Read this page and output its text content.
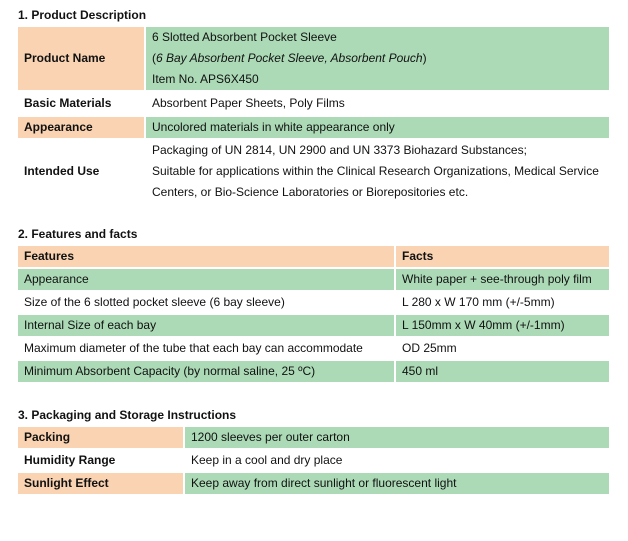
1. Product Description
Product Name	6 Slotted Absorbent Pocket Sleeve
(6 Bay Absorbent Pocket Sleeve, Absorbent Pouch)
Item No. APS6X450

Basic Materials	Absorbent Paper Sheets, Poly Films
Appearance	Uncolored materials in white appearance only
Intended Use	Packaging of UN 2814, UN 2900 and UN 3373 Biohazard Substances;
Suitable for applications within the Clinical Research Organizations, Medical Service
Centers, or Bio-Science Laboratories or Biorepositories etc.
2. Features and facts
Features	Facts
Appearance	White paper + see-through poly film
Size of the 6 slotted pocket sleeve (6 bay sleeve)	L 280 x W 170 mm (+/-5mm)
Internal Size of each bay	L 150mm x W 40mm (+/-1mm)
Maximum diameter of the tube that each bay can accommodate	OD 25mm
Minimum Absorbent Capacity (by normal saline, 25 ºC)	450 ml
3. Packaging and Storage Instructions
Packing	1200 sleeves per outer carton
Humidity Range	Keep in a cool and dry place
Sunlight Effect	Keep away from direct sunlight or fluorescent light
